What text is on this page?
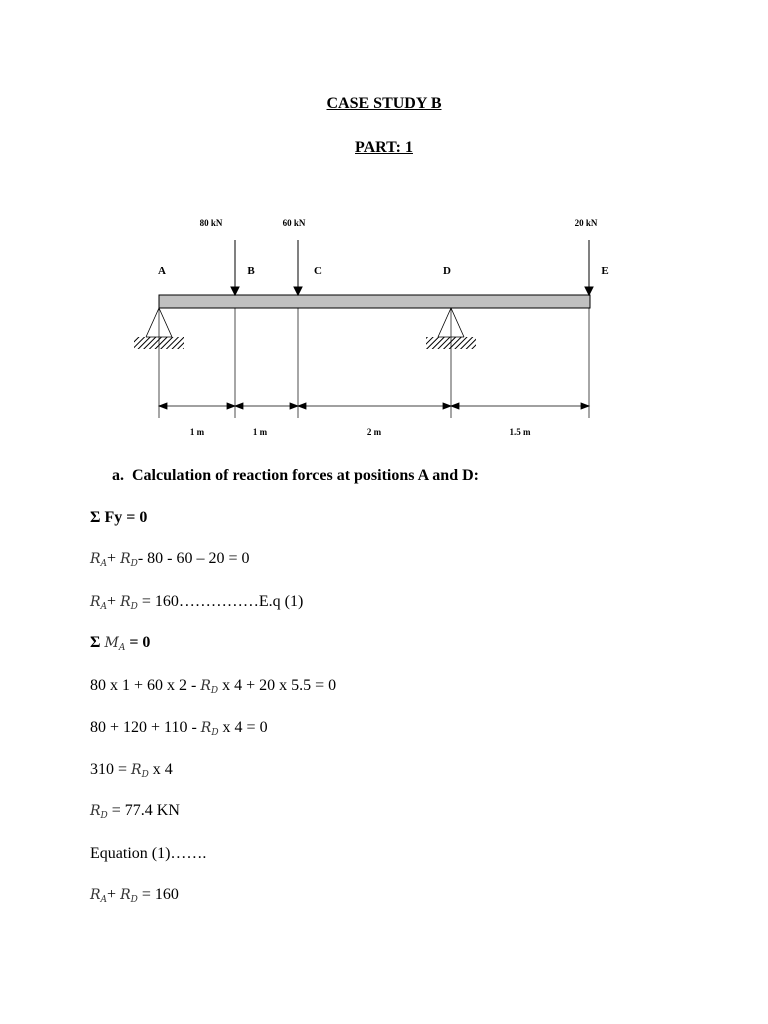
CASE STUDY B
PART: 1
80 kN	60 kN	20 kN
A	B	C	D	E
1 m	1 m	2 m	1.5 m
a. Calculation of reaction forces at positions A and D:
Σ Fy = 0
$R_A+ R_D-$ 80 - 60 – 20 = 0
$R_A+ R_D$ = 160……………E.q (1)
Σ $M_A = 0$
80 x 1 + 60 x $2 - R_D$ x 4 + 20 x 5.5 = 0
$80 + 120 + 110 - R_D$ x 4 = 0
$310 = R_D$ x 4
$R_D = 77.4$ KN
Equation (1)…….
$R_A+ R_D = 160$
